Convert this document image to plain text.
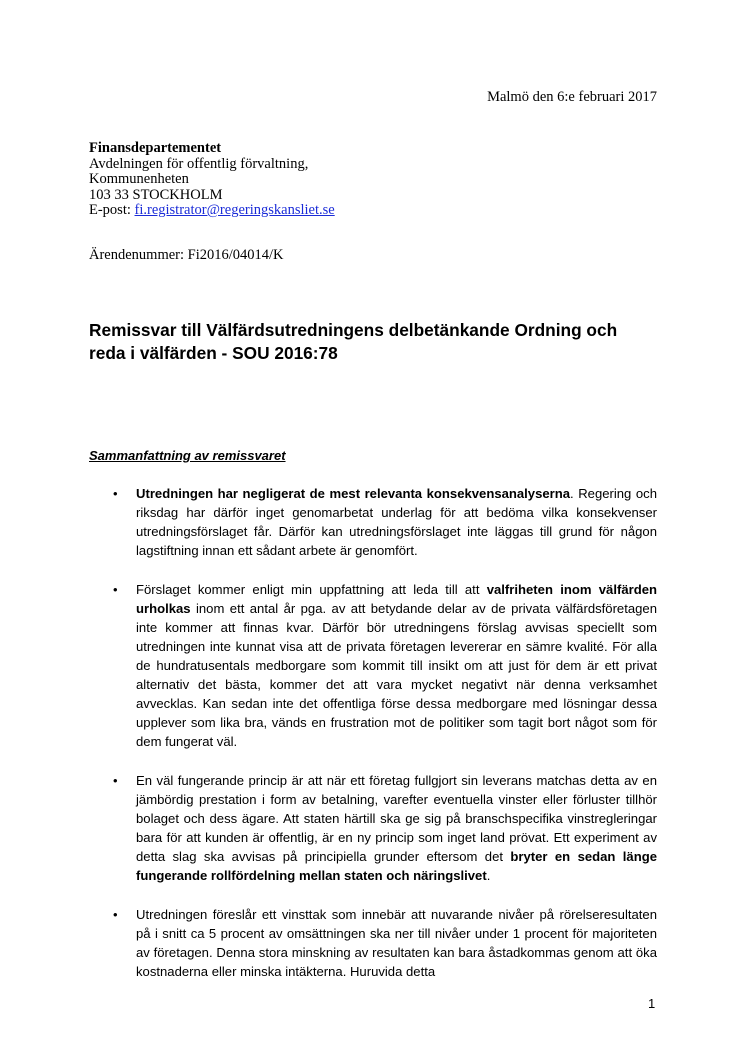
Malmö den 6:e februari 2017
Finansdepartementet
Avdelningen för offentlig förvaltning,
Kommunenheten
103 33 STOCKHOLM
E-post: fi.registrator@regeringskansliet.se
Ärendenummer: Fi2016/04014/K
Remissvar till Välfärdsutredningens delbetänkande Ordning och reda i välfärden - SOU 2016:78
Sammanfattning av remissvaret
•	Utredningen har negligerat de mest relevanta konsekvensanalyserna. Regering och riksdag har därför inget genomarbetat underlag för att bedöma vilka konsekvenser utredningsförslaget får. Därför kan utredningsförslaget inte läggas till grund för någon lagstiftning innan ett sådant arbete är genomfört.
•	Förslaget kommer enligt min uppfattning att leda till att valfriheten inom välfärden urholkas inom ett antal år pga. av att betydande delar av de privata välfärdsföretagen inte kommer att finnas kvar. Därför bör utredningens förslag avvisas speciellt som utredningen inte kunnat visa att de privata företagen levererar en sämre kvalité. För alla de hundratusentals medborgare som kommit till insikt om att just för dem är ett privat alternativ det bästa, kommer det att vara mycket negativt när denna verksamhet avvecklas. Kan sedan inte det offentliga förse dessa medborgare med lösningar dessa upplever som lika bra, vänds en frustration mot de politiker som tagit bort något som för dem fungerat väl.
•	En väl fungerande princip är att när ett företag fullgjort sin leverans matchas detta av en jämbördig prestation i form av betalning, varefter eventuella vinster eller förluster tillhör bolaget och dess ägare. Att staten härtill ska ge sig på branschspecifika vinstregleringar bara för att kunden är offentlig, är en ny princip som inget land prövat. Ett experiment av detta slag ska avvisas på principiella grunder eftersom det bryter en sedan länge fungerande rollfördelning mellan staten och näringslivet.
•	Utredningen föreslår ett vinsttak som innebär att nuvarande nivåer på rörelseresultaten på i snitt ca 5 procent av omsättningen ska ner till nivåer under 1 procent för majoriteten av företagen. Denna stora minskning av resultaten kan bara åstadkommas genom att öka kostnaderna eller minska intäkterna. Huruvida detta
1
